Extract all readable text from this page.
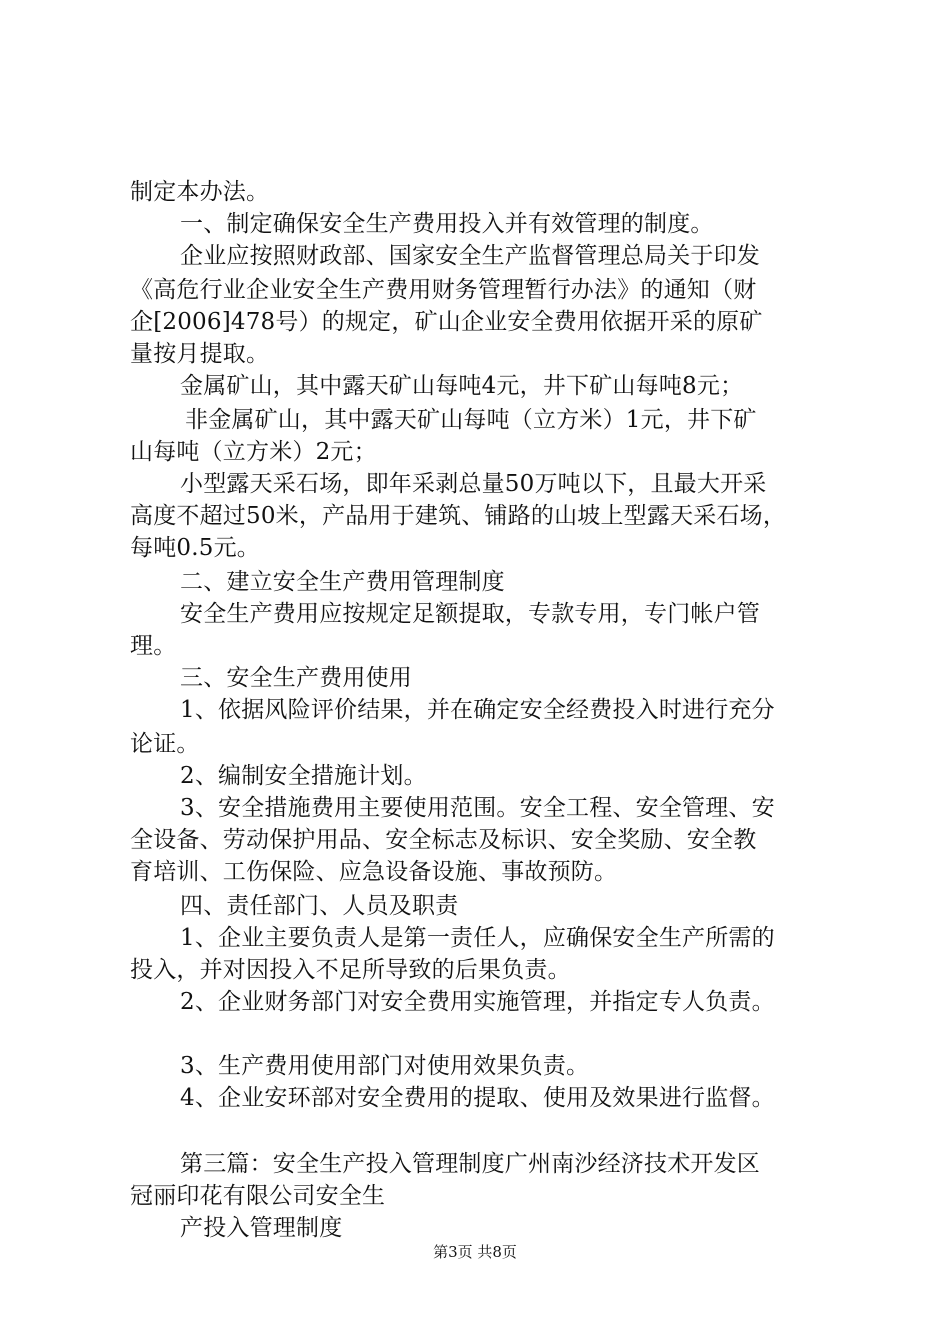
制定本办法。
一、制定确保安全生产费用投入并有效管理的制度。
企业应按照财政部、国家安全生产监督管理总局关于印发
《高危行业企业安全生产费用财务管理暂行办法》的通知（财
企[2006]478号）的规定，矿山企业安全费用依据开采的原矿
量按月提取。
金属矿山，其中露天矿山每吨4元，井下矿山每吨8元；
非金属矿山，其中露天矿山每吨（立方米）1元，井下矿
山每吨（立方米）2元；
小型露天采石场，即年采剥总量50万吨以下，且最大开采
高度不超过50米，产品用于建筑、铺路的山坡上型露天采石场，
每吨0.5元。
二、建立安全生产费用管理制度
安全生产费用应按规定足额提取，专款专用，专门帐户管
理。
三、安全生产费用使用
1、依据风险评价结果，并在确定安全经费投入时进行充分
论证。
2、编制安全措施计划。
3、安全措施费用主要使用范围。安全工程、安全管理、安
全设备、劳动保护用品、安全标志及标识、安全奖励、安全教
育培训、工伤保险、应急设备设施、事故预防。
四、责任部门、人员及职责
1、企业主要负责人是第一责任人，应确保安全生产所需的
投入，并对因投入不足所导致的后果负责。
2、企业财务部门对安全费用实施管理，并指定专人负责。
3、生产费用使用部门对使用效果负责。
4、企业安环部对安全费用的提取、使用及效果进行监督。
第三篇：安全生产投入管理制度广州南沙经济技术开发区
冠丽印花有限公司安全生
产投入管理制度
第3页 共8页
